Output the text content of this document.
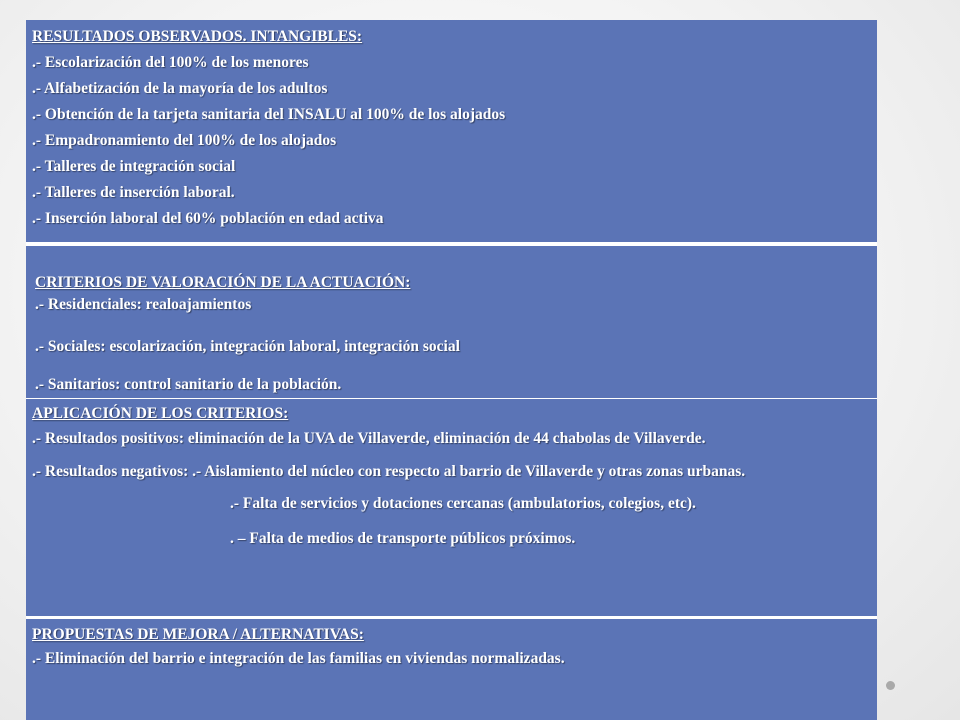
RESULTADOS OBSERVADOS. INTANGIBLES:

.- Escolarización del 100% de los menores

.- Alfabetización de la mayoría de los adultos

.- Obtención de la tarjeta sanitaria del INSALU al 100% de los alojados

.- Empadronamiento del 100% de los alojados

.- Talleres de integración social

.- Talleres de inserción laboral.

.- Inserción laboral del 60% población en edad activa

CRITERIOS DE VALORACIÓN DE LA ACTUACIÓN:

.- Residenciales: realoajamientos

.- Sociales: escolarización, integración laboral, integración social

.- Sanitarios: control sanitario de la población.

APLICACIÓN DE LOS CRITERIOS:

.- Resultados positivos: eliminación de la UVA de Villaverde, eliminación de 44 chabolas de Villaverde.

.- Resultados negativos: .- Aislamiento del núcleo con respecto al barrio de Villaverde y otras zonas urbanas.

.- Falta de servicios y dotaciones cercanas (ambulatorios, colegios, etc).

. – Falta de medios de transporte públicos próximos.

PROPUESTAS DE MEJORA / ALTERNATIVAS:

.- Eliminación del barrio e integración de las familias en viviendas normalizadas.
